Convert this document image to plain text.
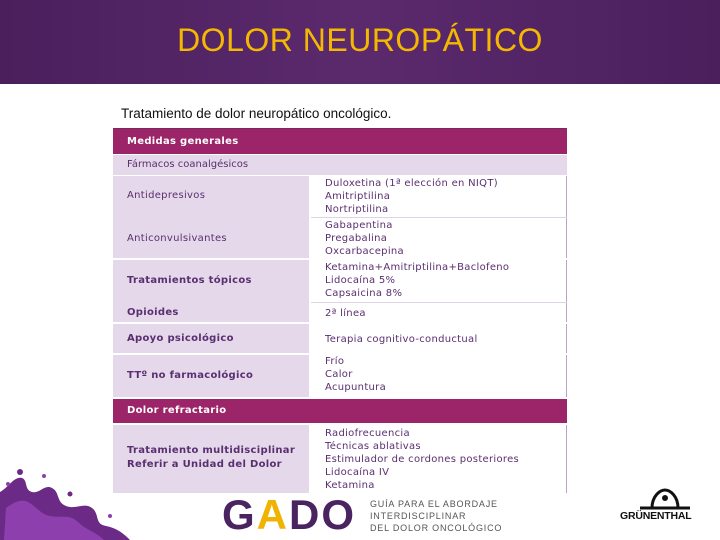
DOLOR NEUROPÁTICO
Tratamiento de dolor neuropático oncológico.
Medidas generales
Fármacos coanalgésicos
Antidepresivos
Anticonvulsivantes
Duloxetina (1ª elección en NIQT)
Amitriptilina
Nortriptilina
Gabapentina
Pregabalina
Oxcarbacepina
Tratamientos tópicos
Opioides
Ketamina+Amitriptilina+Baclofeno
Lidocaína 5%
Capsaicina 8%
2ª línea
Apoyo psicológico	Terapia cognitivo-conductual
TTº no farmacológico
Frío
Calor
Acupuntura
Dolor refractario
Tratamiento multidisciplinar
Referir a Unidad del Dolor
Radiofrecuencia
Técnicas ablativas
Estimulador de cordones posteriores
Lidocaína IV
Ketamina
GADO GUÍA PARA EL ABORDAJE
INTERDISCIPLINAR
DEL DOLOR ONCOLÓGICO
GRÜNENTHAL
